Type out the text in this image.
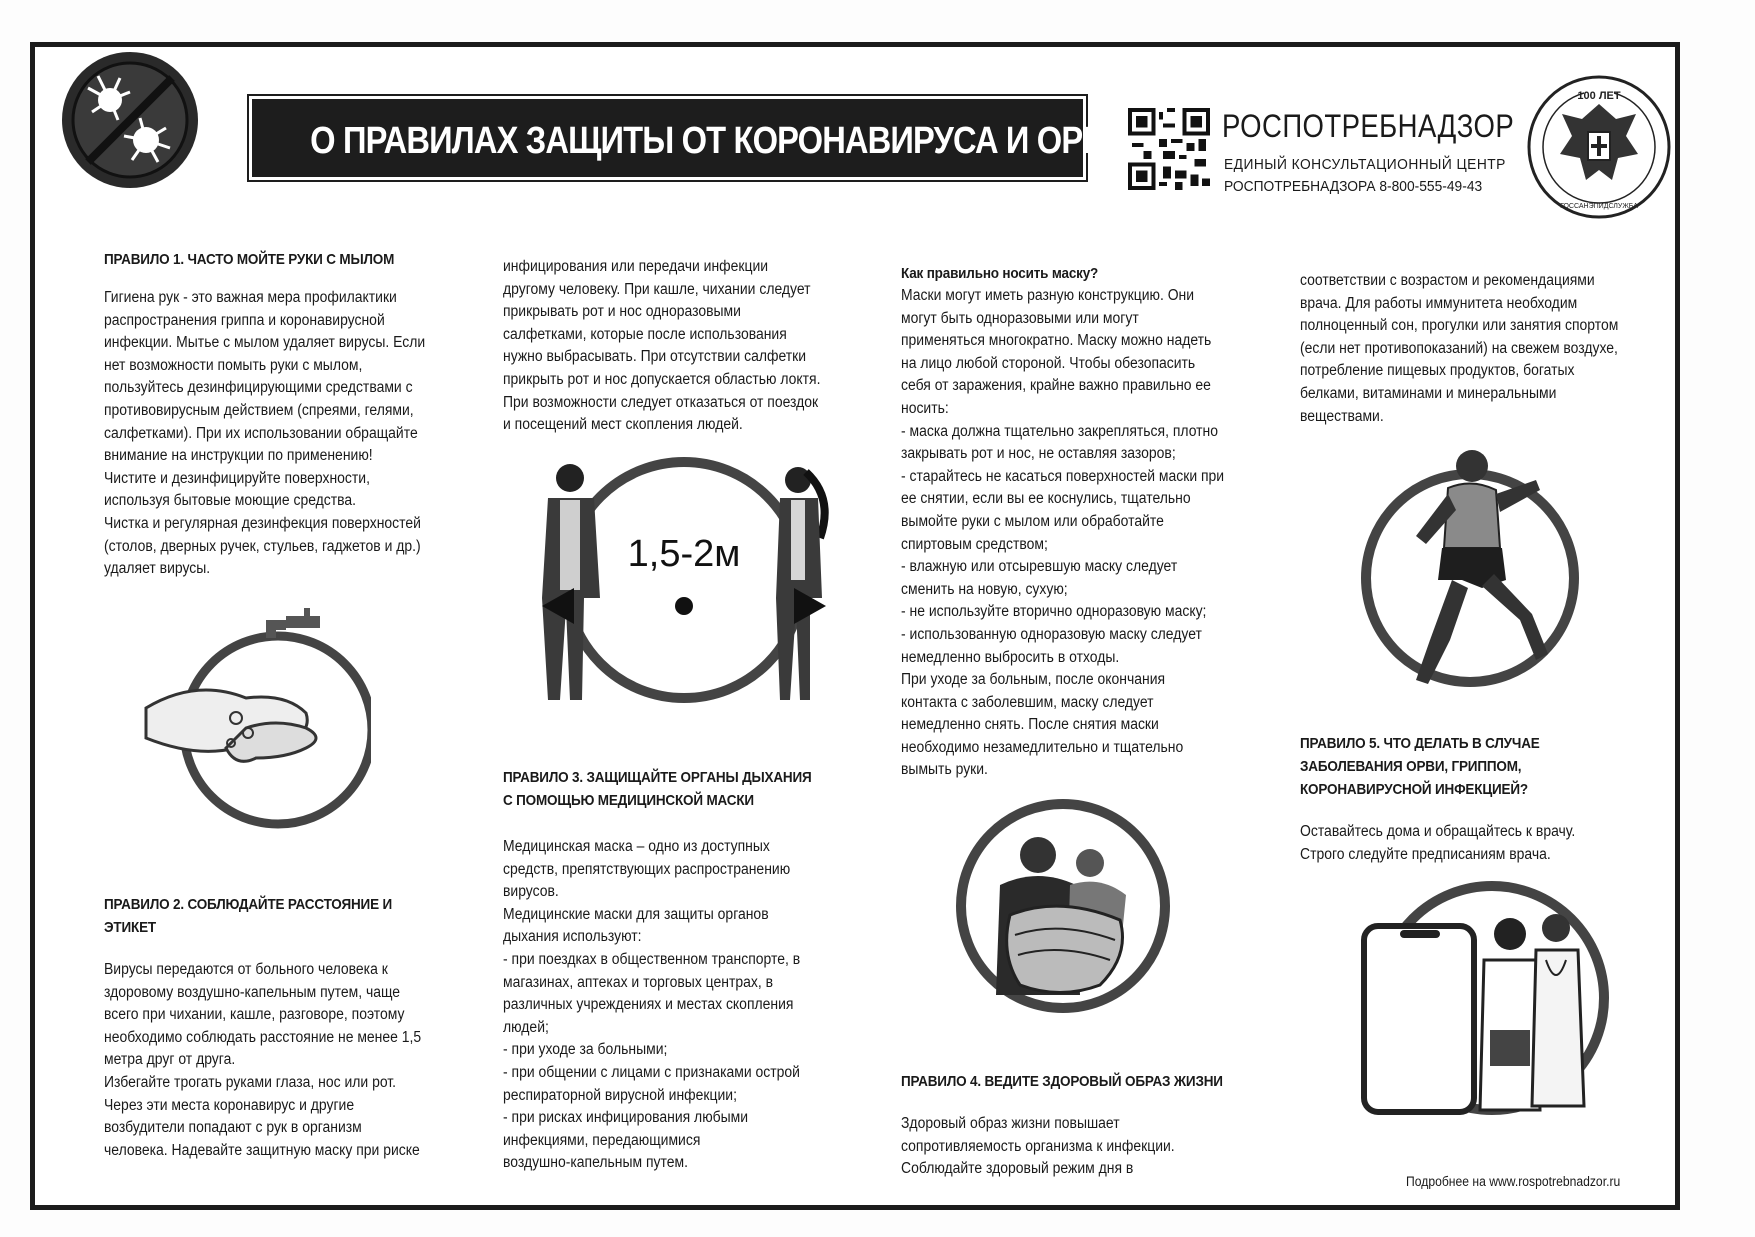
О ПРАВИЛАХ ЗАЩИТЫ ОТ КОРОНАВИРУСА И ОРВИ	РОСПОТРЕБНАДЗОР
ЕДИНЫЙ КОНСУЛЬТАЦИОННЫЙ ЦЕНТР
РОСПОТРЕБНАДЗОРА 8-800-555-49-43
100 ЛЕТ
ГОССАНЭПИДСЛУЖБА
ПРАВИЛО 1. ЧАСТО МОЙТЕ РУКИ С МЫЛОМ

Гигиена рук - это важная мера профилактики
распространения гриппа и коронавирусной
инфекции. Мытье с мылом удаляет вирусы. Если
нет возможности помыть руки с мылом,
пользуйтесь дезинфицирующими средствами с
противовирусным действием (спреями, гелями,
салфетками). При их использовании обращайте
внимание на инструкции по применению!
Чистите и дезинфицируйте поверхности,
используя бытовые моющие средства.
Чистка и регулярная дезинфекция поверхностей
(столов, дверных ручек, стульев, гаджетов и др.)
удаляет вирусы.

ПРАВИЛО 2. СОБЛЮДАЙТЕ РАССТОЯНИЕ И
ЭТИКЕТ

Вирусы передаются от больного человека к
здоровому воздушно-капельным путем, чаще
всего при чихании, кашле, разговоре, поэтому
необходимо соблюдать расстояние не менее 1,5
метра друг от друга.
Избегайте трогать руками глаза, нос или рот.
Через эти места коронавирус и другие
возбудители попадают с рук в организм
человека. Надевайте защитную маску при риске

инфицирования или передачи инфекции
другому человеку. При кашле, чихании следует
прикрывать рот и нос одноразовыми
салфетками, которые после использования
нужно выбрасывать. При отсутствии салфетки
прикрыть рот и нос допускается областью локтя.
При возможности следует отказаться от поездок
и посещений мест скопления людей.

1,5-2м
ПРАВИЛО 3. ЗАЩИЩАЙТЕ ОРГАНЫ ДЫХАНИЯ
С ПОМОЩЬЮ МЕДИЦИНСКОЙ МАСКИ

Медицинская маска – одно из доступных
средств, препятствующих распространению
вирусов.
Медицинские маски для защиты органов
дыхания используют:
- при поездках в общественном транспорте, в
магазинах, аптеках и торговых центрах, в
различных учреждениях и местах скопления
людей;
- при уходе за больными;
- при общении с лицами с признаками острой
респираторной вирусной инфекции;
- при рисках инфицирования любыми
инфекциями, передающимися
воздушно-капельным путем.

Как правильно носить маску?

Маски могут иметь разную конструкцию. Они
могут быть одноразовыми или могут
применяться многократно. Маску можно надеть
на лицо любой стороной. Чтобы обезопасить
себя от заражения, крайне важно правильно ее
носить:
- маска должна тщательно закрепляться, плотно
закрывать рот и нос, не оставляя зазоров;
- старайтесь не касаться поверхностей маски при
ее снятии, если вы ее коснулись, тщательно
вымойте руки с мылом или обработайте
спиртовым средством;
- влажную или отсыревшую маску следует
сменить на новую, сухую;
- не используйте вторично одноразовую маску;
- использованную одноразовую маску следует
немедленно выбросить в отходы.
При уходе за больным, после окончания
контакта с заболевшим, маску следует
немедленно снять. После снятия маски
необходимо незамедлительно и тщательно
вымыть руки.

ПРАВИЛО 4. ВЕДИТЕ ЗДОРОВЫЙ ОБРАЗ ЖИЗНИ

Здоровый образ жизни повышает
сопротивляемость организма к инфекции.
Соблюдайте здоровый режим дня в

соответствии с возрастом и рекомендациями
врача. Для работы иммунитета необходим
полноценный сон, прогулки или занятия спортом
(если нет противопоказаний) на свежем воздухе,
потребление пищевых продуктов, богатых
белками, витаминами и минеральными
веществами.

ПРАВИЛО 5. ЧТО ДЕЛАТЬ В СЛУЧАЕ
ЗАБОЛЕВАНИЯ ОРВИ, ГРИППОМ,
КОРОНАВИРУСНОЙ ИНФЕКЦИЕЙ?

Оставайтесь дома и обращайтесь к врачу.
Строго следуйте предписаниям врача.

Подробнее на www.rospotrebnadzor.ru
